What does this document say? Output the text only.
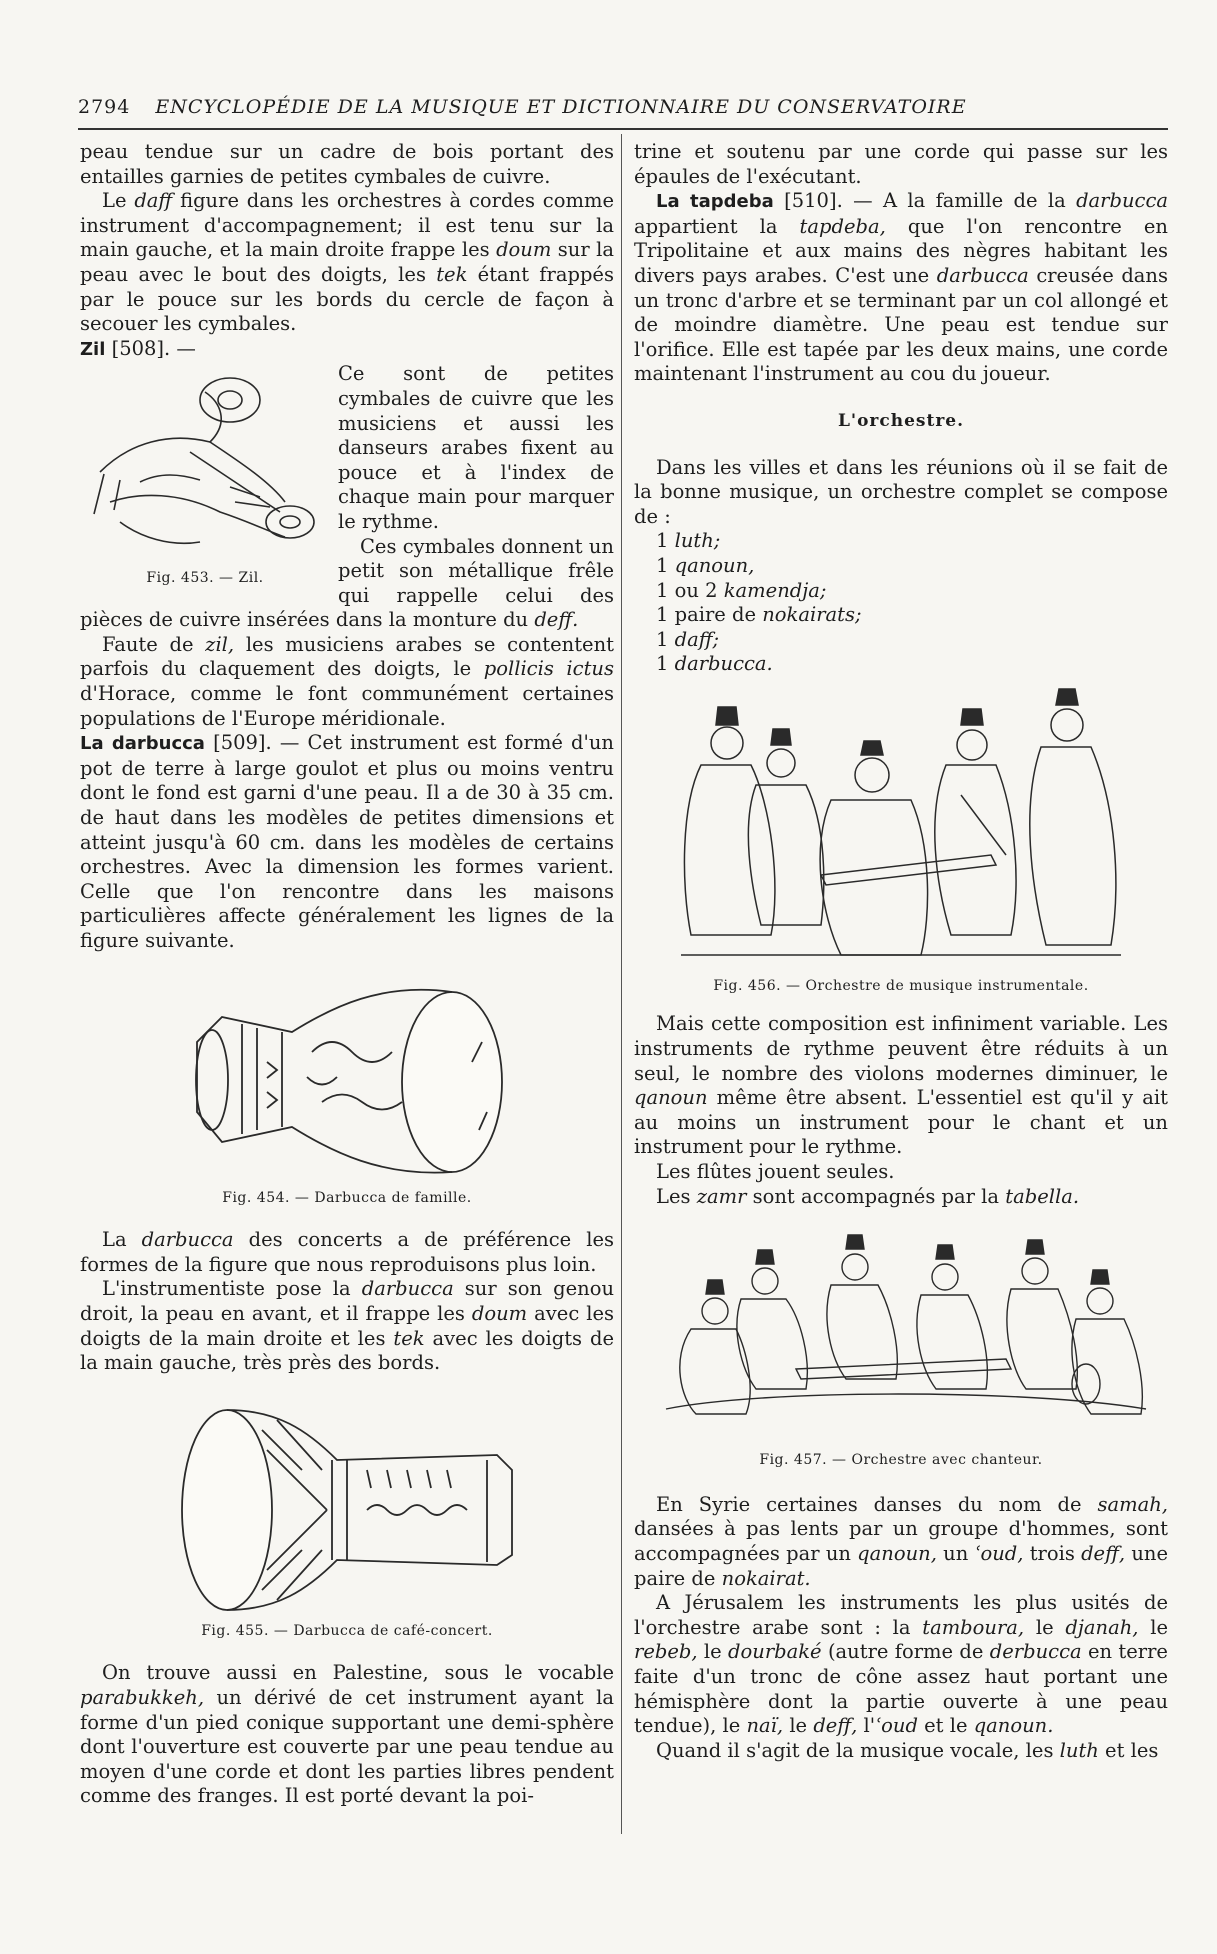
2794 ENCYCLOPÉDIE DE LA MUSIQUE ET DICTIONNAIRE DU CONSERVATOIRE

peau tendue sur un cadre de bois portant des entailles garnies de petites cymbales de cuivre.

Le daff figure dans les orchestres à cordes comme instrument d'accompagnement; il est tenu sur la main gauche, et la main droite frappe les doum sur la peau avec le bout des doigts, les tek étant frappés par le pouce sur les bords du cercle de façon à secouer les cymbales.

Zil [508]. —

Fig. 453. — Zil.

Ce sont de petites cymbales de cuivre que les musiciens et aussi les danseurs arabes fixent au pouce et à l'index de chaque main pour marquer le rythme.

Ces cymbales donnent un petit son métallique frêle qui rappelle celui des pièces de cuivre insérées dans la monture du deff.

Faute de zil, les musiciens arabes se contentent parfois du claquement des doigts, le pollicis ictus d'Horace, comme le font communément certaines populations de l'Europe méridionale.

La darbucca [509]. — Cet instrument est formé d'un pot de terre à large goulot et plus ou moins ventru dont le fond est garni d'une peau. Il a de 30 à 35 cm. de haut dans les modèles de petites dimensions et atteint jusqu'à 60 cm. dans les modèles de certains orchestres. Avec la dimension les formes varient. Celle que l'on rencontre dans les maisons particulières affecte généralement les lignes de la figure suivante.

Fig. 454. — Darbucca de famille.

La darbucca des concerts a de préférence les formes de la figure que nous reproduisons plus loin.

L'instrumentiste pose la darbucca sur son genou droit, la peau en avant, et il frappe les doum avec les doigts de la main droite et les tek avec les doigts de la main gauche, très près des bords.

Fig. 455. — Darbucca de café-concert.

On trouve aussi en Palestine, sous le vocable parabukkeh, un dérivé de cet instrument ayant la forme d'un pied conique supportant une demi-sphère dont l'ouverture est couverte par une peau tendue au moyen d'une corde et dont les parties libres pendent comme des franges. Il est porté devant la poi-

trine et soutenu par une corde qui passe sur les épaules de l'exécutant.

La tapdeba [510]. — A la famille de la darbucca appartient la tapdeba, que l'on rencontre en Tripolitaine et aux mains des nègres habitant les divers pays arabes. C'est une darbucca creusée dans un tronc d'arbre et se terminant par un col allongé et de moindre diamètre. Une peau est tendue sur l'orifice. Elle est tapée par les deux mains, une corde maintenant l'instrument au cou du joueur.

L'orchestre.

Dans les villes et dans les réunions où il se fait de la bonne musique, un orchestre complet se compose de :

1 luth;
1 qanoun,
1 ou 2 kamendja;
1 paire de nokairats;
1 daff;
1 darbucca.
Fig. 456. — Orchestre de musique instrumentale.

Mais cette composition est infiniment variable. Les instruments de rythme peuvent être réduits à un seul, le nombre des violons modernes diminuer, le qanoun même être absent. L'essentiel est qu'il y ait au moins un instrument pour le chant et un instrument pour le rythme.

Les flûtes jouent seules.

Les zamr sont accompagnés par la tabella.

Fig. 457. — Orchestre avec chanteur.

En Syrie certaines danses du nom de samah, dansées à pas lents par un groupe d'hommes, sont accompagnées par un qanoun, un ʿoud, trois deff, une paire de nokairat.

A Jérusalem les instruments les plus usités de l'orchestre arabe sont : la tamboura, le djanah, le rebeb, le dourbaké (autre forme de derbucca en terre faite d'un tronc de cône assez haut portant une hémisphère dont la partie ouverte à une peau tendue), le naï, le deff, l'ʿoud et le qanoun.

Quand il s'agit de la musique vocale, les luth et les
